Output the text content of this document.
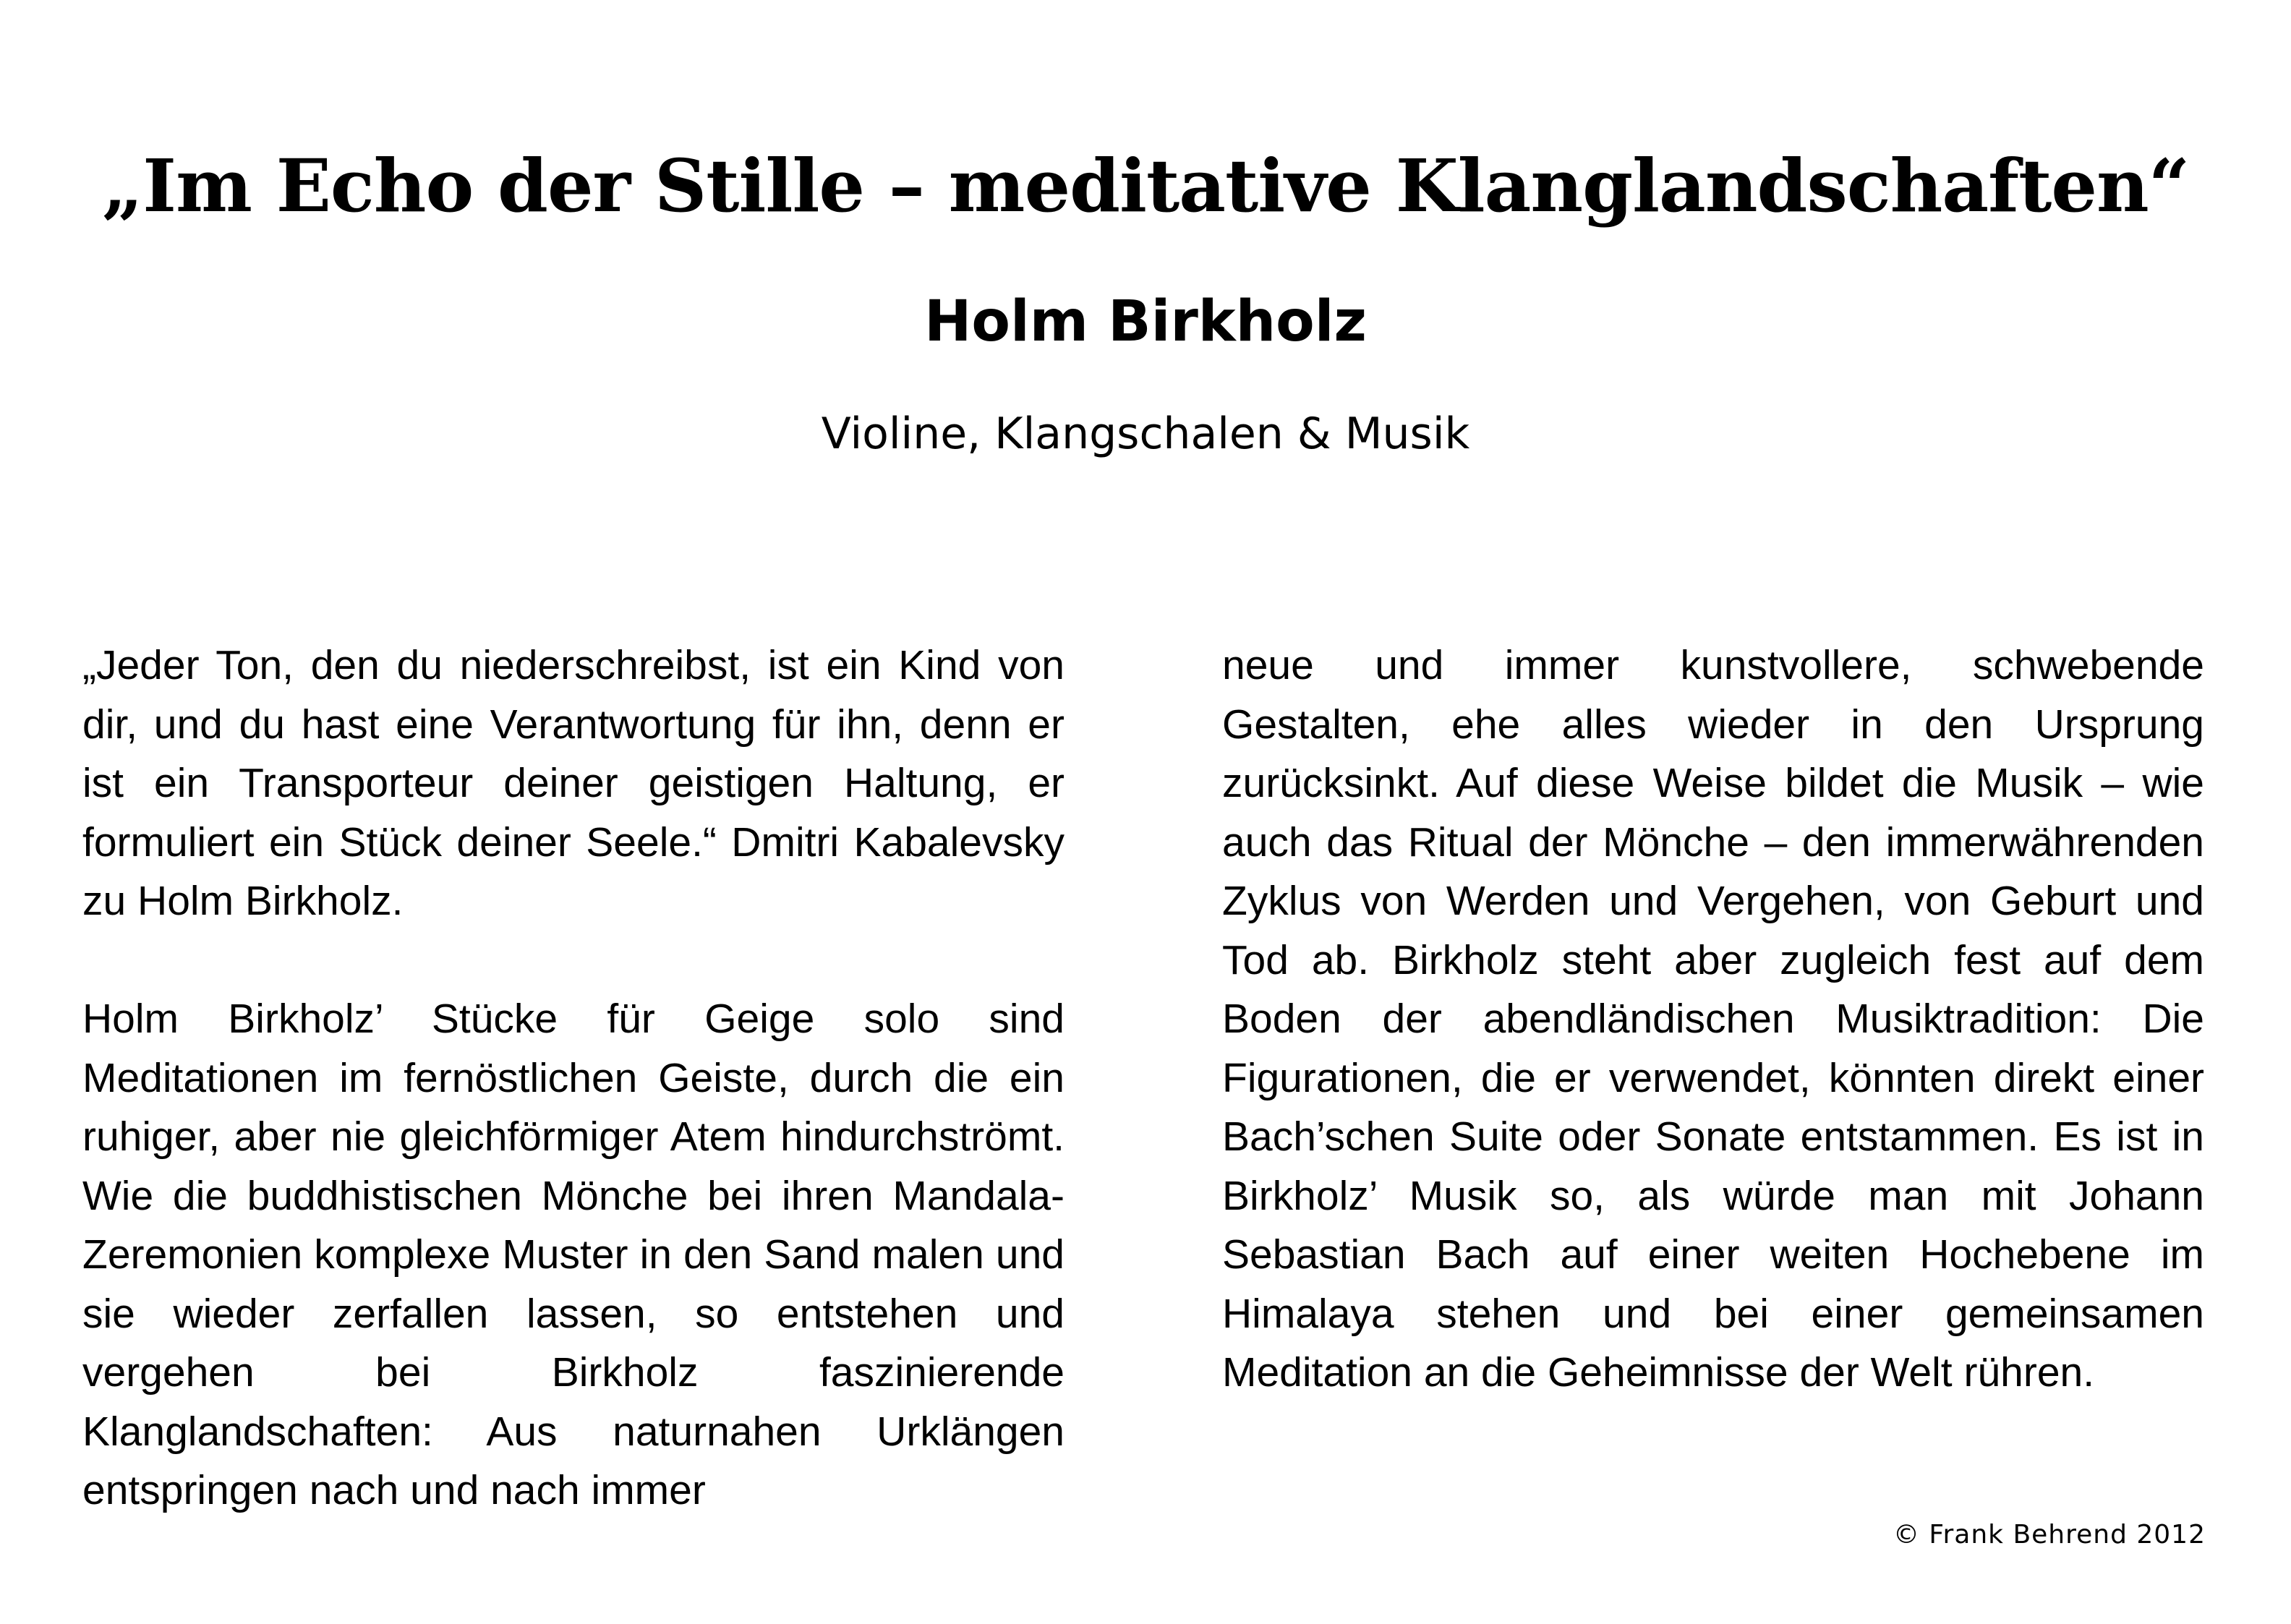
„Im Echo der Stille – meditative Klanglandschaften“
Holm Birkholz
Violine, Klangschalen & Musik

„Jeder Ton, den du niederschreibst, ist ein Kind von dir, und du hast eine Verantwortung für ihn, denn er ist ein Transporteur deiner geistigen Haltung, er formuliert ein Stück deiner Seele.“ Dmitri Kabalevsky zu Holm Birkholz.

Holm Birkholz’ Stücke für Geige solo sind Meditationen im fernöstlichen Geiste, durch die ein ruhiger, aber nie gleichförmiger Atem hindurchströmt. Wie die buddhistischen Mönche bei ihren Mandala-Zeremonien komplexe Muster in den Sand malen und sie wieder zerfallen lassen, so entstehen und vergehen bei Birkholz faszinierende Klanglandschaften: Aus naturnahen Urklängen entspringen nach und nach immer

neue und immer kunstvollere, schwebende Gestalten, ehe alles wieder in den Ursprung zurücksinkt. Auf diese Weise bildet die Musik – wie auch das Ritual der Mönche – den immerwährenden Zyklus von Werden und Vergehen, von Geburt und Tod ab. Birkholz steht aber zugleich fest auf dem Boden der abendländischen Musiktradition: Die Figurationen, die er verwendet, könnten direkt einer Bach’schen Suite oder Sonate entstammen. Es ist in Birkholz’ Musik so, als würde man mit Johann Sebastian Bach auf einer weiten Hochebene im Himalaya stehen und bei einer gemeinsamen Meditation an die Geheimnisse der Welt rühren.

© Frank Behrend 2012
